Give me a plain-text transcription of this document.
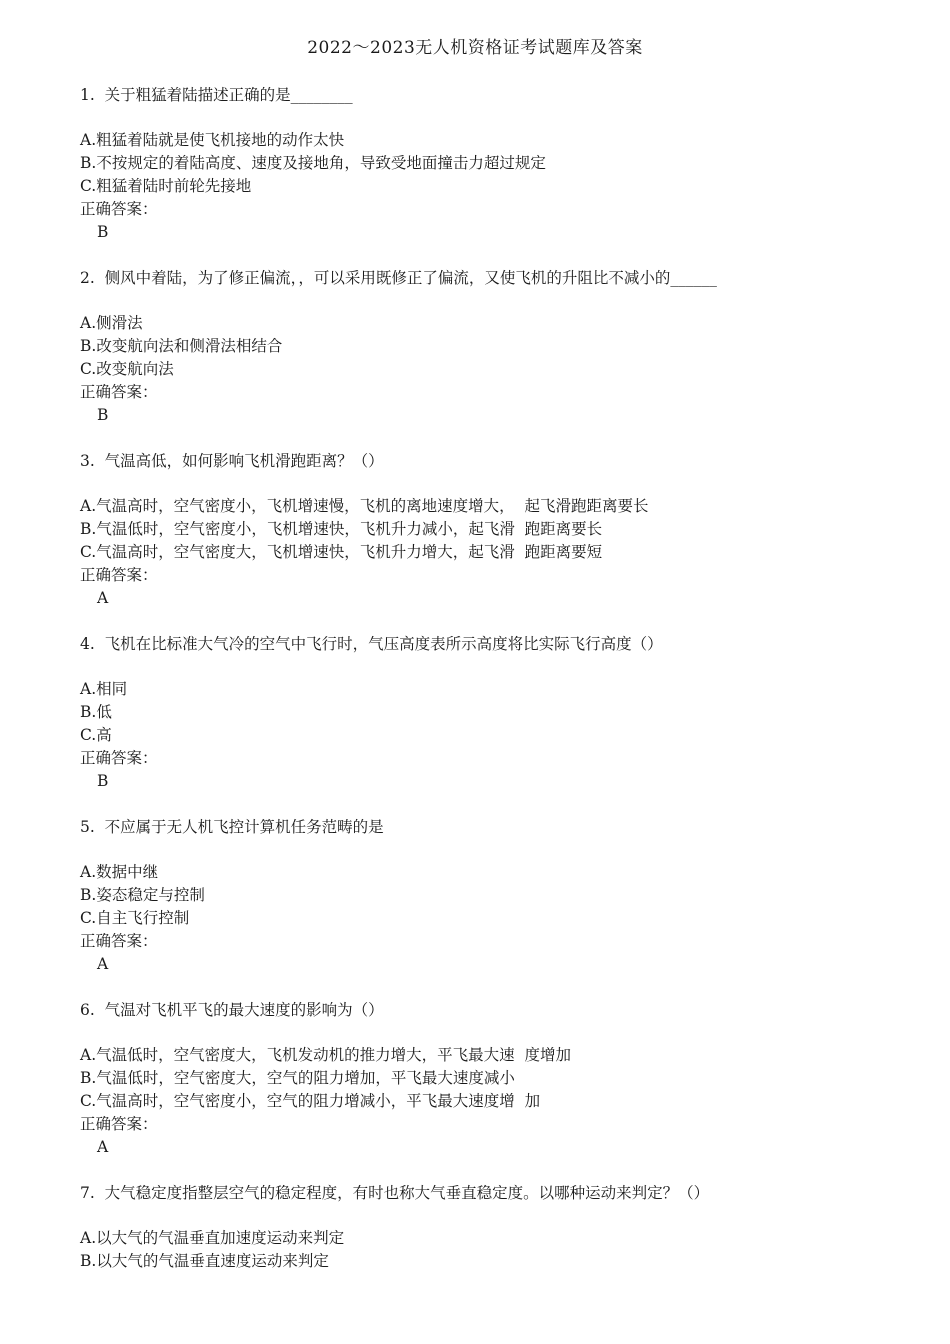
2022～2023无人机资格证考试题库及答案
1. 关于粗猛着陆描述正确的是________
A.粗猛着陆就是使飞机接地的动作太快
B.不按规定的着陆高度、速度及接地角，导致受地面撞击力超过规定
C.粗猛着陆时前轮先接地
正确答案：
B
2. 侧风中着陆，为了修正偏流，，可以采用既修正了偏流，又使飞机的升阻比不减小的______
A.侧滑法
B.改变航向法和侧滑法相结合
C.改变航向法
正确答案：
B
3. 气温高低，如何影响飞机滑跑距离？（）
A.气温高时，空气密度小，飞机增速慢，飞机的离地速度增大，  起飞滑跑距离要长
B.气温低时，空气密度小，飞机增速快，飞机升力减小，起飞滑  跑距离要长
C.气温高时，空气密度大，飞机增速快，飞机升力增大，起飞滑  跑距离要短
正确答案：
A
4. 飞机在比标准大气冷的空气中飞行时，气压高度表所示高度将比实际飞行高度（）
A.相同
B.低
C.高
正确答案：
B
5. 不应属于无人机飞控计算机任务范畴的是
A.数据中继
B.姿态稳定与控制
C.自主飞行控制
正确答案：
A
6. 气温对飞机平飞的最大速度的影响为（）
A.气温低时，空气密度大，飞机发动机的推力增大，平飞最大速  度增加
B.气温低时，空气密度大，空气的阻力增加，平飞最大速度减小
C.气温高时，空气密度小，空气的阻力增减小，平飞最大速度增  加
正确答案：
A
7. 大气稳定度指整层空气的稳定程度，有时也称大气垂直稳定度。以哪种运动来判定？（）
A.以大气的气温垂直加速度运动来判定
B.以大气的气温垂直速度运动来判定
